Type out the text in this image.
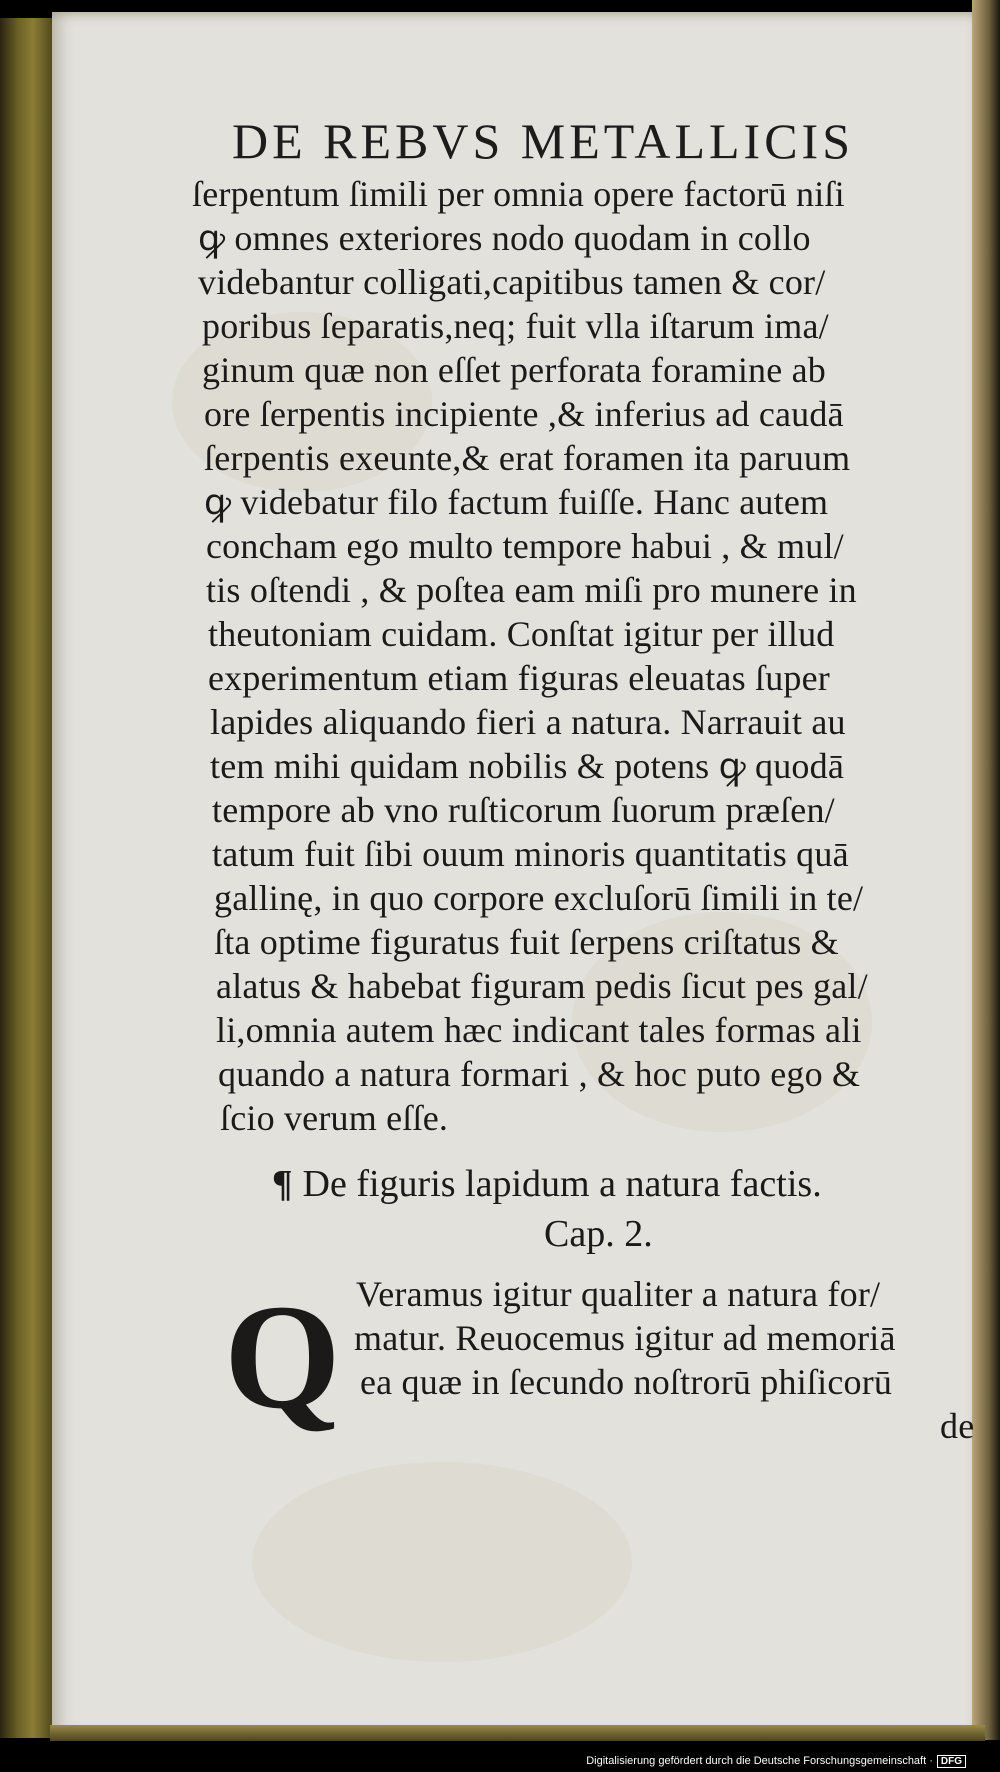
DE REBVS METALLICIS
ſerpentum ſimili per omnia opere factorū niſi
ꝙ omnes exteriores nodo quodam in collo
videbantur colligati,capitibus tamen & cor/
poribus ſeparatis,neq; fuit vlla iſtarum ima/
ginum quæ non eſſet perforata foramine ab
ore ſerpentis incipiente ,& inferius ad caudā
ſerpentis exeunte,& erat foramen ita paruum
ꝙ videbatur filo factum fuiſſe. Hanc autem
concham ego multo tempore habui , & mul/
tis oſtendi , & poſtea eam miſi pro munere in
theutoniam cuidam. Conſtat igitur per illud
experimentum etiam figuras eleuatas ſuper
lapides aliquando fieri a natura. Narrauit au
tem mihi quidam nobilis & potens ꝙ quodā
tempore ab vno ruſticorum ſuorum præſen/
tatum fuit ſibi ouum minoris quantitatis quā
gallinę, in quo corpore excluſorū ſimili in te/
ſta optime figuratus fuit ſerpens criſtatus &
alatus & habebat figuram pedis ſicut pes gal/
li,omnia autem hæc indicant tales formas ali
quando a natura formari , & hoc puto ego &
ſcio verum eſſe.
¶ De figuris lapidum a natura factis.
Cap. 2.
Q Veramus igitur qualiter a natura for/
matur. Reuocemus igitur ad memoriā
ea quæ in ſecundo noſtrorū phiſicorū
de
Digitalisierung gefördert durch die Deutsche Forschungsgemeinschaft · DFG
